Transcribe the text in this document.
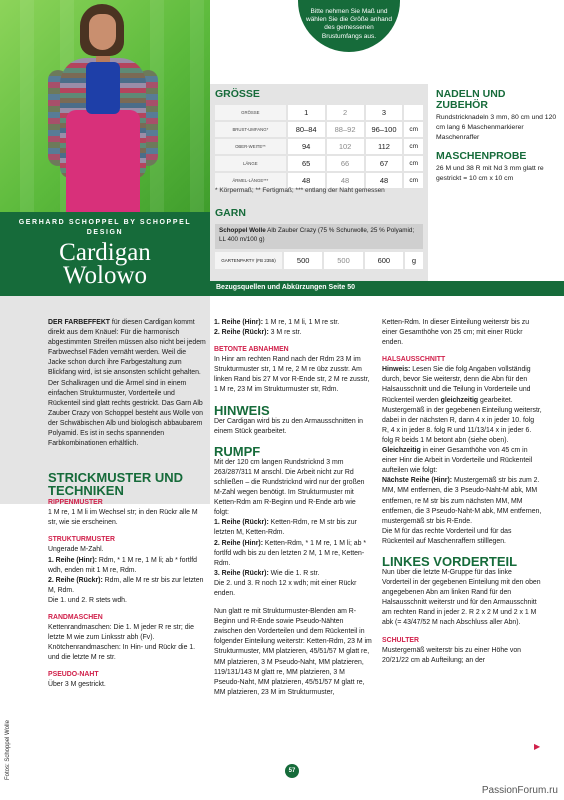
Bitte nehmen Sie Maß und wählen Sie die Größe anhand des gemessenen Brustumfangs aus.
GERHARD SCHOPPEL BY SCHOPPEL DESIGN
Cardigan
Wolowo
GRÖSSE
GRÖSSE	1	2	3	
BRUST-UMFANG*	80–84	88–92	96–100	cm
OBER-WEITE**	94	102	112	cm
LÄNGE	65	66	67	cm
ÄRMEL-LÄNGE***	48	48	48	cm
* Körpermaß; ** Fertigmaß; *** entlang der Naht gemessen
GARN
Schoppel Wolle Alb Zauber Crazy (75 % Schurwolle, 25 % Polyamid; LL 400 m/100 g)
GARTENPARTY (FB 2355)	500	500	600	g
NADELN UND ZUBEHÖR

Rundstricknadeln 3 mm, 80 cm und 120 cm lang 6 Maschenmarkierer Maschenraffer

MASCHENPROBE

26 M und 38 R mit Nd 3 mm glatt re gestrickt = 10 cm x 10 cm

Bezugsquellen und Abkürzungen Seite 50

DER FARBEFFEKT für diesen Cardigan kommt direkt aus dem Knäuel: Für die harmonisch abgestimmten Streifen müssen also nicht bei jedem Farbwechsel Fäden vernäht werden. Weil die Jacke schon durch ihre Farbgestaltung zum Blickfang wird, ist sie ansonsten schlicht gehalten. Der Schalkragen und die Ärmel sind in einem einfachen Strukturmuster, Vorderteile und Rückenteil sind glatt rechts gestrickt. Das Garn Alb Zauber Crazy von Schoppel besteht aus Wolle von der Schwäbischen Alb und biologisch abbaubarem Polyamid. Es ist in sechs spannenden Farbkombinationen erhältlich.

STRICKMUSTER UND TECHNIKEN
RIPPENMUSTER

1 M re, 1 M li im Wechsel str; in den Rückr alle M str, wie sie erscheinen.

STRUKTURMUSTER

Ungerade M-Zahl.

1. Reihe (Hinr): Rdm, * 1 M re, 1 M li; ab * fortlfd wdh, enden mit 1 M re, Rdm.

2. Reihe (Rückr): Rdm, alle M re str bis zur letzten M, Rdm.

Die 1. und 2. R stets wdh.

RANDMASCHEN

Kettenrandmaschen: Die 1. M jeder R re str; die letzte M wie zum Linksstr abh (Fv). Knötchenrandmaschen: In Hin- und Rückr die 1. und die letzte M re str.

PSEUDO-NAHT

Über 3 M gestrickt.

1. Reihe (Hinr): 1 M re, 1 M li, 1 M re str.

2. Reihe (Rückr): 3 M re str.

BETONTE ABNAHMEN

In Hinr am rechten Rand nach der Rdm 23 M im Strukturmuster str, 1 M re, 2 M re übz zusstr. Am linken Rand bis 27 M vor R-Ende str, 2 M re zusstr, 1 M re, 23 M im Strukturmuster str, Rdm.

HINWEIS

Der Cardigan wird bis zu den Armausschnitten in einem Stück gearbeitet.

RUMPF

Mit der 120 cm langen Rundstricknd 3 mm 263/287/311 M anschl. Die Arbeit nicht zur Rd schließen – die Rundstricknd wird nur der großen M-Zahl wegen benötigt. Im Strukturmuster mit Ketten-Rdm am R-Beginn und R-Ende arb wie folgt:

1. Reihe (Rückr): Ketten-Rdm, re M str bis zur letzten M, Ketten-Rdm.

2. Reihe (Hinr): Ketten-Rdm, * 1 M re, 1 M li; ab * fortlfd wdh bis zu den letzten 2 M, 1 M re, Ketten-Rdm.

3. Reihe (Rückr): Wie die 1. R str.

Die 2. und 3. R noch 12 x wdh; mit einer Rückr enden.

Nun glatt re mit Strukturmuster-Blenden am R-Beginn und R-Ende sowie Pseudo-Nähten zwischen den Vorderteilen und dem Rückenteil in folgender Einteilung weiterstr: Ketten-Rdm, 23 M im Strukturmuster, MM platzieren, 45/51/57 M glatt re, MM platzieren, 3 M Pseudo-Naht, MM platzieren, 119/131/143 M glatt re, MM platzieren, 3 M Pseudo-Naht, MM platzieren, 45/51/57 M glatt re, MM platzieren, 23 M im Strukturmuster,

Ketten-Rdm. In dieser Einteilung weiterstr bis zu einer Gesamthöhe von 25 cm; mit einer Rückr enden.

HALSAUSSCHNITT

Hinweis: Lesen Sie die folg Angaben vollständig durch, bevor Sie weiterstr, denn die Abn für den Halsausschnitt und die Teilung in Vorderteile und Rückenteil werden gleichzeitig gearbeitet.

Mustergemäß in der gegebenen Einteilung weiterstr, dabei in der nächsten R, dann 4 x in jeder 10. folg R, 4 x in jeder 8. folg R und 11/13/14 x in jeder 6. folg R beids 1 M betont abn (siehe oben).

Gleichzeitig in einer Gesamthöhe von 45 cm in einer Hinr die Arbeit in Vorderteile und Rückenteil aufteilen wie folgt:

Nächste Reihe (Hinr): Mustergemäß str bis zum 2. MM, MM entfernen, die 3 Pseudo-Naht-M abk, MM entfernen, re M str bis zum nächsten MM, MM entfernen, die 3 Pseudo-Naht-M abk, MM entfernen, mustergemäß str bis R-Ende.

Die M für das rechte Vorderteil und für das Rückenteil auf Maschenraffern stilllegen.

LINKES VORDERTEIL

Nun über die letzte M-Gruppe für das linke Vorderteil in der gegebenen Einteilung mit den oben angegebenen Abn am linken Rand für den Halsausschnitt weiterstr und für den Armausschnitt am rechten Rand in jeder 2. R 2 x 2 M und 2 x 1 M abk (= 43/47/52 M nach Abschluss aller Abn).

SCHULTER

Mustergemäß weiterstr bis zu einer Höhe von 20/21/22 cm ab Aufteilung; an der

Fotos: Schoppel Wolle	57
▶
PassionForum.ru
